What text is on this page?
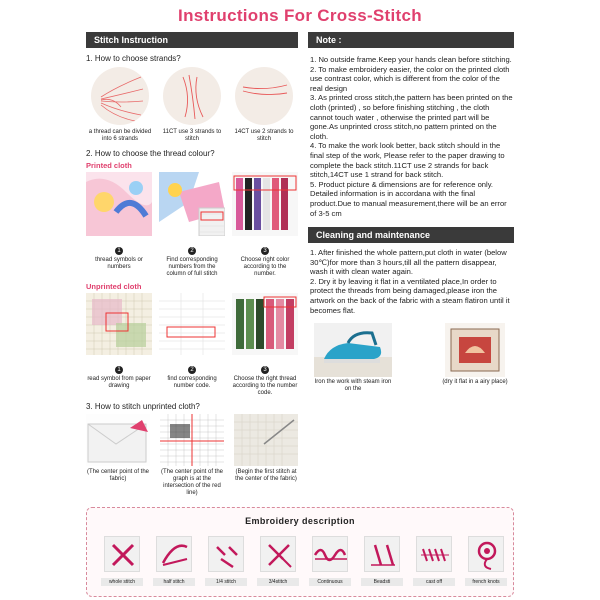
Instructions For Cross-Stitch
Stitch Instruction
1. How to choose strands?
a thread can be divided into 6 strands
11CT use 3 strands to stitch
14CT use 2 strands to stitch
2. How to choose the thread colour?
Printed cloth
1
thread symbols or numbers
2
Find corresponding numbers from the column of full stitch
3
Choose right color according to the number.
Unprinted cloth
1
read symbol from paper drawing
2
find corresponding number code.
3
Choose the right thread according to the number code.
3. How to stitch unprinted cloth?
(The center point of the fabric)
(The center point of the graph is at the intersection of the red line)
(Begin the first stitch at the center of the fabric)
Note :

1. No outside frame.Keep your hands clean before stitching.

2. To make embroidery easier, the color on the printed cloth use contrast color, which is different from the color of the real design

3. As printed cross stitch,the pattern has been printed on the cloth (printed) , so before finishing stitching , the cloth cannot touch water , otherwise the printed part will be gone.As unprinted cross stitch,no pattern printed on the cloth.

4. To make the work look better, back stitch should in the final step of the work, Please refer to the paper drawing to complete the back stitch.11CT use 2 strands for back stitch,14CT use 1 strand for back stitch.

5. Product picture & dimensions are for reference only. Detailed information is in accordana with the final product.Due to manual measurement,there will be an error of 3-5 cm

Cleaning and maintenance

1. After finished the whole pattern,put cloth in water (below 30℃)for more than 3 hours,till all the pattern disappear, wash it with clean water again.

2. Dry it by leaving it flat in a ventilated place,In order to protect the threads from being damaged,please iron the artwork on the back of the fabric with a steam flatiron until it becomes flat.

Iron the work with steam iron on the
(dry it flat in a airy place)
Embroidery description
whole stitch	half stitch	1/4 stitch	3/4stitch	Continuous	Beadsti	cast off	french knots
